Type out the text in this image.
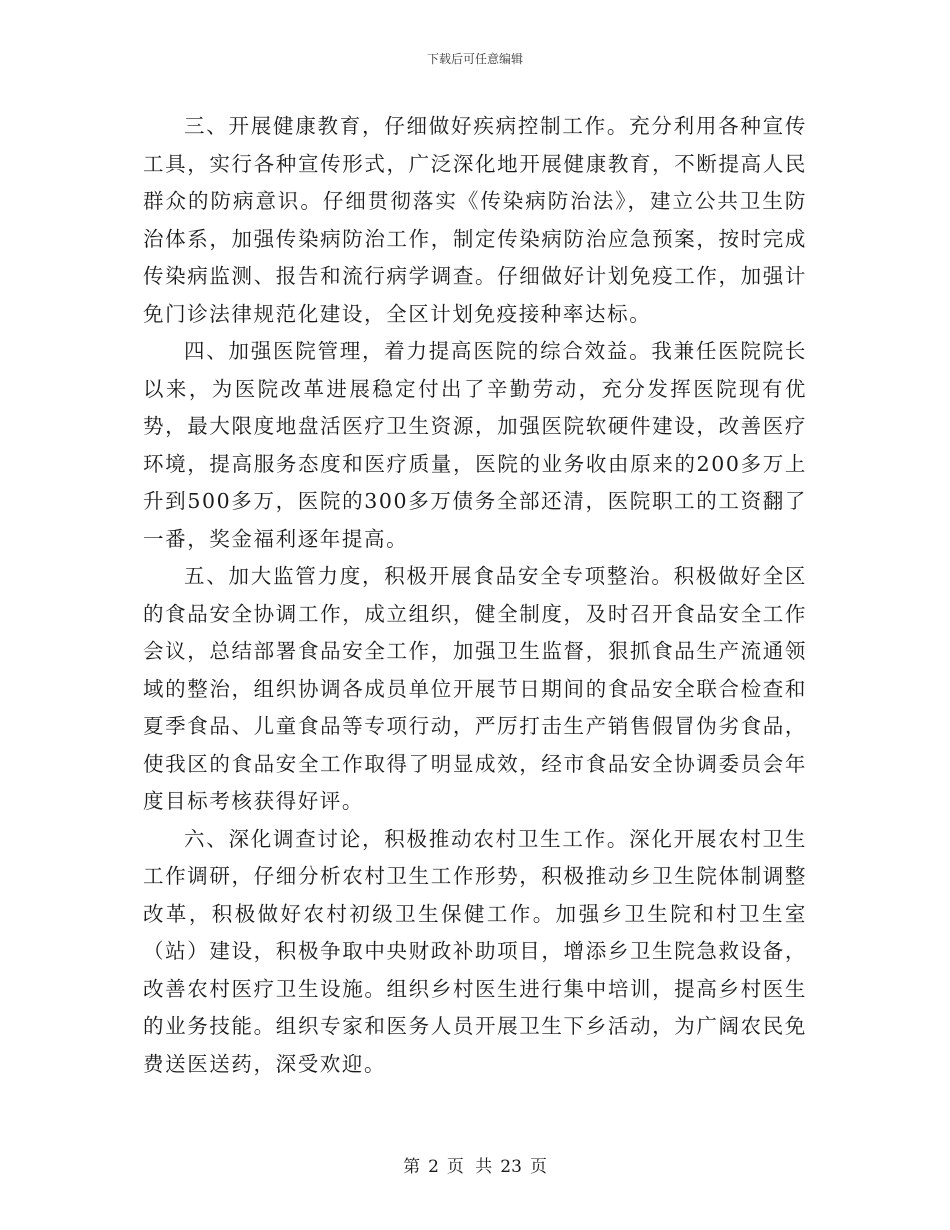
下载后可任意编辑

三、开展健康教育，仔细做好疾病控制工作。充分利用各种宣传工具，实行各种宣传形式，广泛深化地开展健康教育，不断提高人民群众的防病意识。仔细贯彻落实《传染病防治法》，建立公共卫生防治体系，加强传染病防治工作，制定传染病防治应急预案，按时完成传染病监测、报告和流行病学调查。仔细做好计划免疫工作，加强计免门诊法律规范化建设，全区计划免疫接种率达标。

四、加强医院管理，着力提高医院的综合效益。我兼任医院院长以来，为医院改革进展稳定付出了辛勤劳动，充分发挥医院现有优势，最大限度地盘活医疗卫生资源，加强医院软硬件建设，改善医疗环境，提高服务态度和医疗质量，医院的业务收由原来的200多万上升到500多万，医院的300多万债务全部还清，医院职工的工资翻了一番，奖金福利逐年提高。

五、加大监管力度，积极开展食品安全专项整治。积极做好全区的食品安全协调工作，成立组织，健全制度，及时召开食品安全工作会议，总结部署食品安全工作，加强卫生监督，狠抓食品生产流通领域的整治，组织协调各成员单位开展节日期间的食品安全联合检查和夏季食品、儿童食品等专项行动，严厉打击生产销售假冒伪劣食品，使我区的食品安全工作取得了明显成效，经市食品安全协调委员会年度目标考核获得好评。

六、深化调查讨论，积极推动农村卫生工作。深化开展农村卫生工作调研，仔细分析农村卫生工作形势，积极推动乡卫生院体制调整改革，积极做好农村初级卫生保健工作。加强乡卫生院和村卫生室（站）建设，积极争取中央财政补助项目，增添乡卫生院急救设备，改善农村医疗卫生设施。组织乡村医生进行集中培训，提高乡村医生的业务技能。组织专家和医务人员开展卫生下乡活动，为广阔农民免费送医送药，深受欢迎。

第 2 页 共 23 页
